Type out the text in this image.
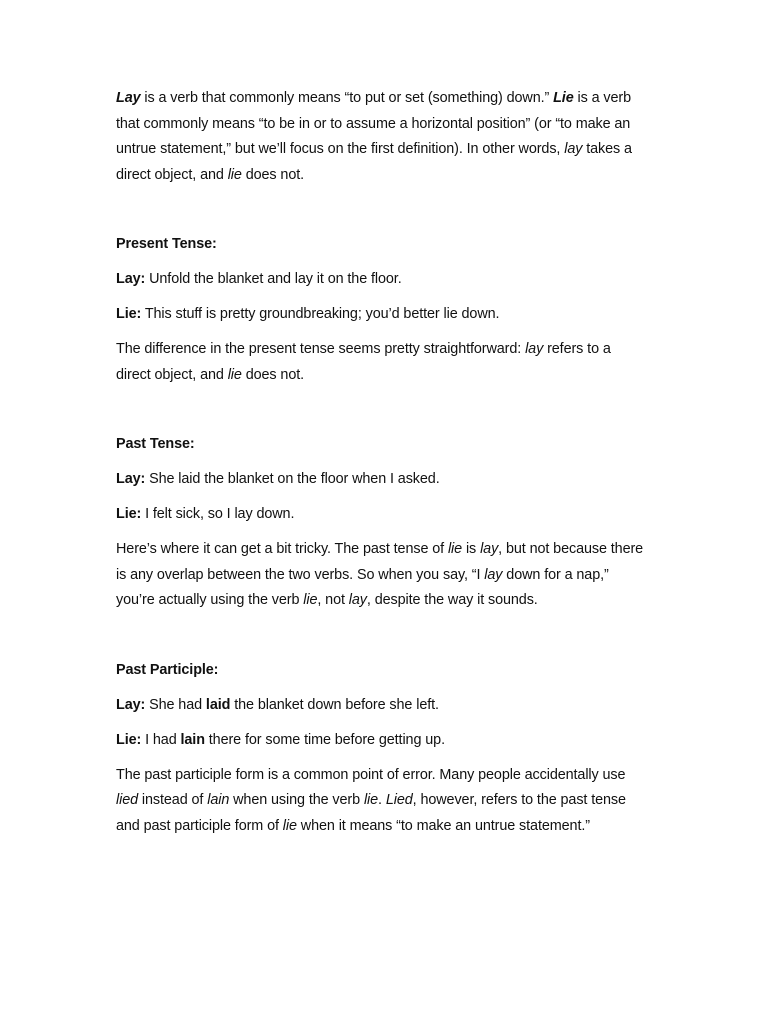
Lay is a verb that commonly means “to put or set (something) down.” Lie is a verb that commonly means “to be in or to assume a horizontal position” (or “to make an untrue statement,” but we’ll focus on the first definition). In other words, lay takes a direct object, and lie does not.

Present Tense:

Lay: Unfold the blanket and lay it on the floor.

Lie: This stuff is pretty groundbreaking; you’d better lie down.

The difference in the present tense seems pretty straightforward: lay refers to a direct object, and lie does not.

Past Tense:

Lay: She laid the blanket on the floor when I asked.

Lie: I felt sick, so I lay down.

Here’s where it can get a bit tricky. The past tense of lie is lay, but not because there is any overlap between the two verbs. So when you say, “I lay down for a nap,” you’re actually using the verb lie, not lay, despite the way it sounds.

Past Participle:

Lay: She had laid the blanket down before she left.

Lie: I had lain there for some time before getting up.

The past participle form is a common point of error. Many people accidentally use lied instead of lain when using the verb lie. Lied, however, refers to the past tense and past participle form of lie when it means “to make an untrue statement.”
